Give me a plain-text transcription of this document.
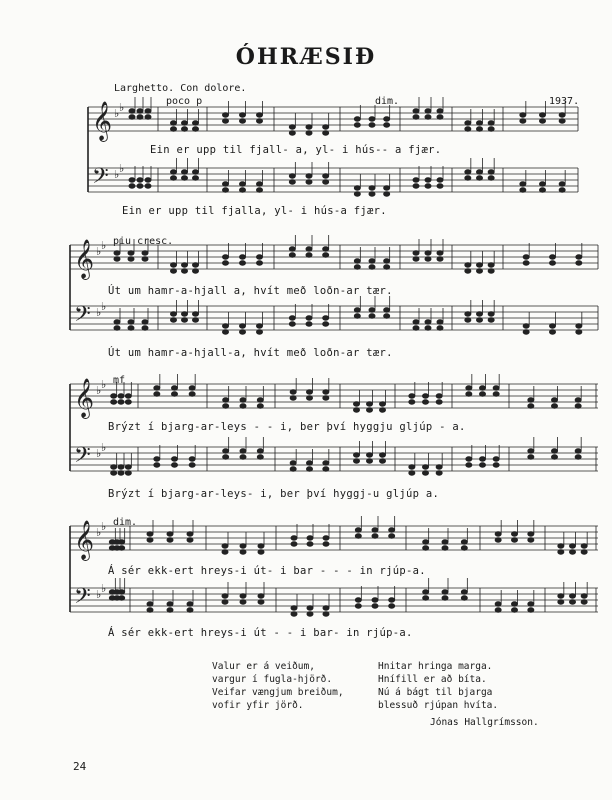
ÓHRÆSIÐ
Larghetto. Con dolore.
poco p	dim.	1937.
piu cresc.
mf
dim.
𝄞 ♭ ♭
𝄢 ♭ ♭
𝄞 ♭ ♭
𝄢 ♭ ♭
𝄞 ♭ ♭
𝄢 ♭ ♭
𝄞 ♭ ♭
𝄢 ♭ ♭
Ein er upp til fjall- a, yl- i hús-- a fjær.
Ein er upp til fjalla, yl- i hús-a fjær.
Út um hamr-a-hjall a, hvít með loðn-ar tær.
Út um hamr-a-hjall-a, hvít með loðn-ar tær.
Brýzt í bjarg-ar-leys - - i, ber því hyggju gljúp - a.
Brýzt í bjarg-ar-leys- i, ber því hyggj-u gljúp a.
Á sér ekk-ert hreys-i út- i bar - - - in rjúp-a.
Á sér ekk-ert hreys-i út - - i bar- in rjúp-a.
Valur er á veiðum,
vargur í fugla-hjörð.
Veifar vængjum breiðum,
vofir yfir jörð.
Hnitar hringa marga.
Hnífill er að bíta.
Nú á bágt til bjarga
blessuð rjúpan hvíta.
Jónas Hallgrímsson.
24
